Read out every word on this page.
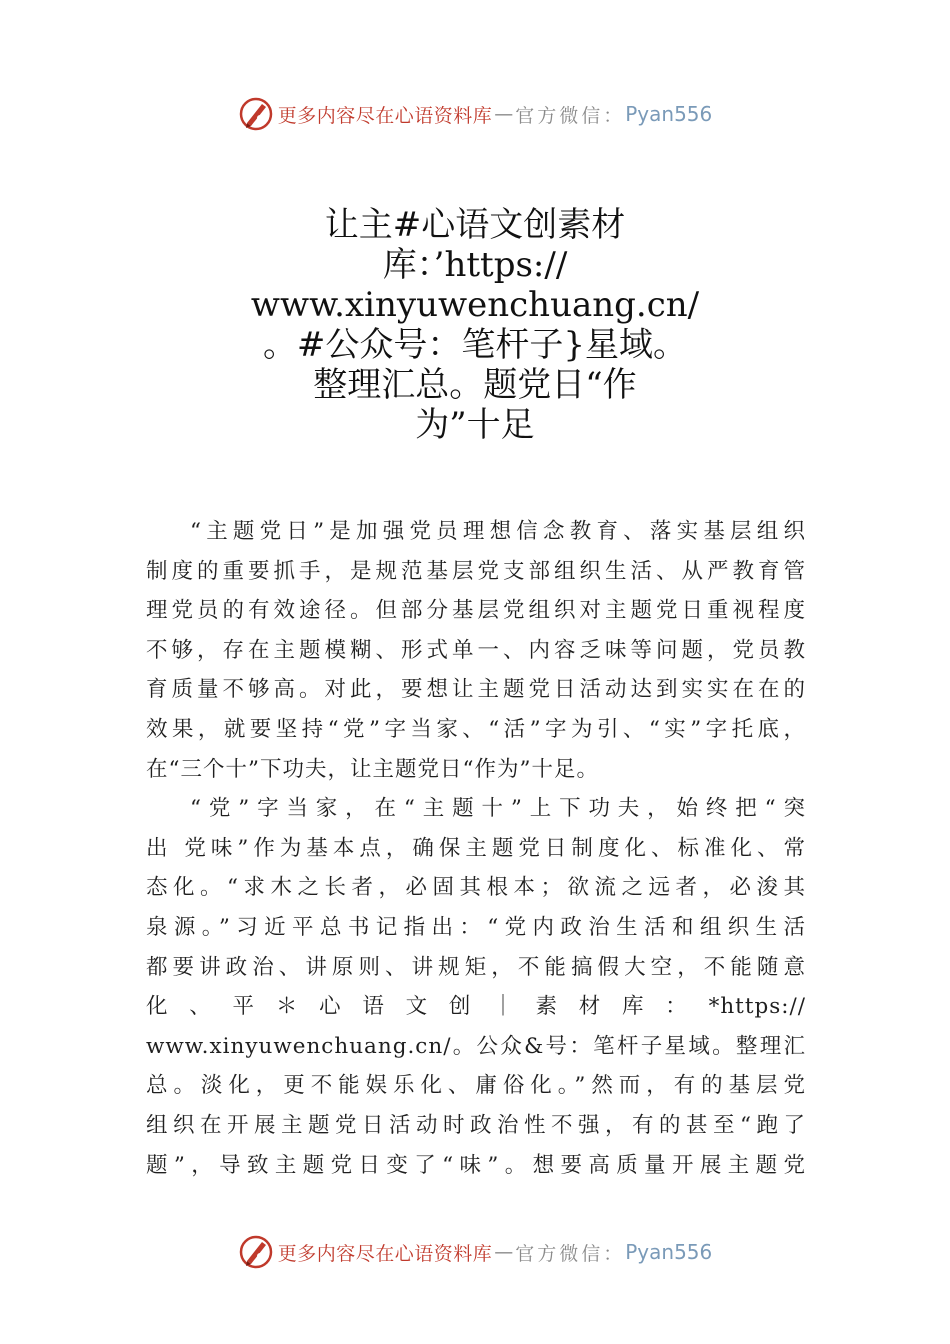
更多内容尽在心语资料库 — 官方微信： Pyan556
让主#心语文创素材
库：’https://
www.xinyuwenchuang.cn/
。#公众号：笔杆子}星域。
整理汇总。题党日“作
为”十足

“主题党日”是加强党员理想信念教育、落实基层组织
制度的重要抓手，是规范基层党支部组织生活、从严教育管
理党员的有效途径。但部分基层党组织对主题党日重视程度
不够，存在主题模糊、形式单一、内容乏味等问题，党员教
育质量不够高。对此，要想让主题党日活动达到实实在在的
效果，就要坚持“党”字当家、“活”字为引、“实”字托底，
在“三个十”下功夫，让主题党日“作为”十足。

“党”字当家，在“主题十”上下功夫，始终把“突
出 党味”作为基本点，确保主题党日制度化、标准化、常
态化。“求木之长者，必固其根本；欲流之远者，必浚其
泉源。”习近平总书记指出：“党内政治生活和组织生活
都要讲政治、讲原则、讲规矩，不能搞假大空，不能随意
化 、 平 ＊ 心 语 文 创 ｜ 素 材 库 ： *https://
www.xinyuwenchuang.cn/。公众&号：笔杆子星域。整理汇
总。淡化，更不能娱乐化、庸俗化。”然而，有的基层党
组织在开展主题党日活动时政治性不强，有的甚至“跑了
题”，导致主题党日变了“味”。想要高质量开展主题党

更多内容尽在心语资料库 — 官方微信： Pyan556
